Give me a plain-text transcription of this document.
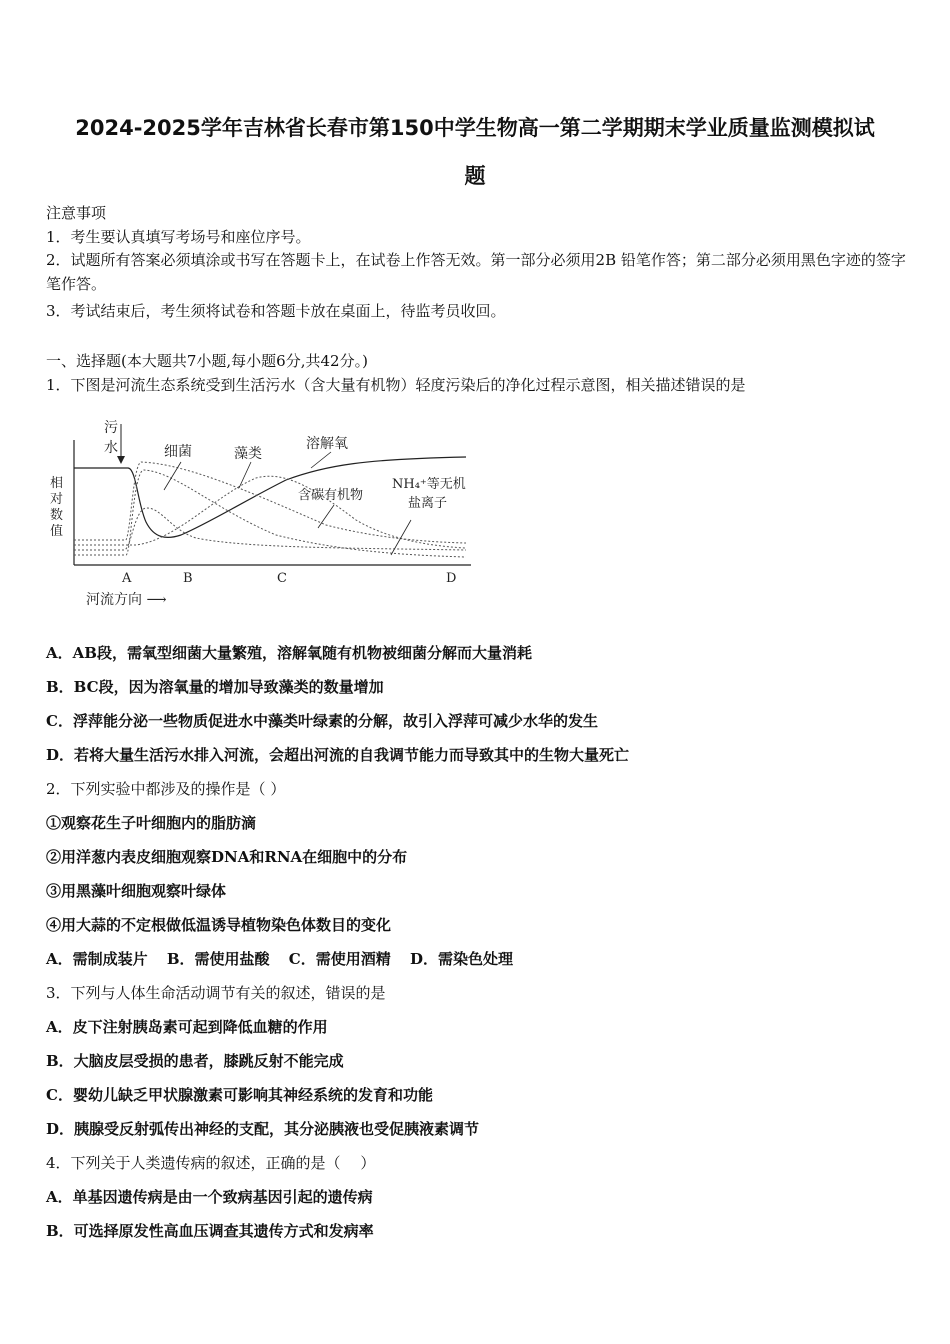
2024-2025学年吉林省长春市第150中学生物高一第二学期期末学业质量监测模拟试
题
注意事项
1．考生要认真填写考场号和座位序号。
2．试题所有答案必须填涂或书写在答题卡上，在试卷上作答无效。第一部分必须用2B 铅笔作答；第二部分必须用黑色字迹的签字笔作答。
3．考试结束后，考生须将试卷和答题卡放在桌面上，待监考员收回。
一、选择题(本大题共7小题,每小题6分,共42分。)
1．下图是河流生态系统受到生活污水（含大量有机物）轻度污染后的净化过程示意图，相关描述错误的是
污
水
相
对
数
值
细菌	藻类
溶解氧
含碳有机物
NH₄⁺等无机
盐离子
A	B	C	D
河流方向 ⟶
A．AB段，需氧型细菌大量繁殖，溶解氧随有机物被细菌分解而大量消耗
B．BC段，因为溶氧量的增加导致藻类的数量增加
C．浮萍能分泌一些物质促进水中藻类叶绿素的分解，故引入浮萍可减少水华的发生
D．若将大量生活污水排入河流，会超出河流的自我调节能力而导致其中的生物大量死亡
2．下列实验中都涉及的操作是（ ）
①观察花生子叶细胞内的脂肪滴
②用洋葱内表皮细胞观察DNA和RNA在细胞中的分布
③用黑藻叶细胞观察叶绿体
④用大蒜的不定根做低温诱导植物染色体数目的变化
A．需制成装片 B．需使用盐酸 C．需使用酒精 D．需染色处理
3．下列与人体生命活动调节有关的叙述，错误的是
A．皮下注射胰岛素可起到降低血糖的作用
B．大脑皮层受损的患者，膝跳反射不能完成
C．婴幼儿缺乏甲状腺激素可影响其神经系统的发育和功能
D．胰腺受反射弧传出神经的支配，其分泌胰液也受促胰液素调节
4．下列关于人类遗传病的叙述，正确的是（　 ）
A．单基因遗传病是由一个致病基因引起的遗传病
B．可选择原发性高血压调查其遗传方式和发病率
